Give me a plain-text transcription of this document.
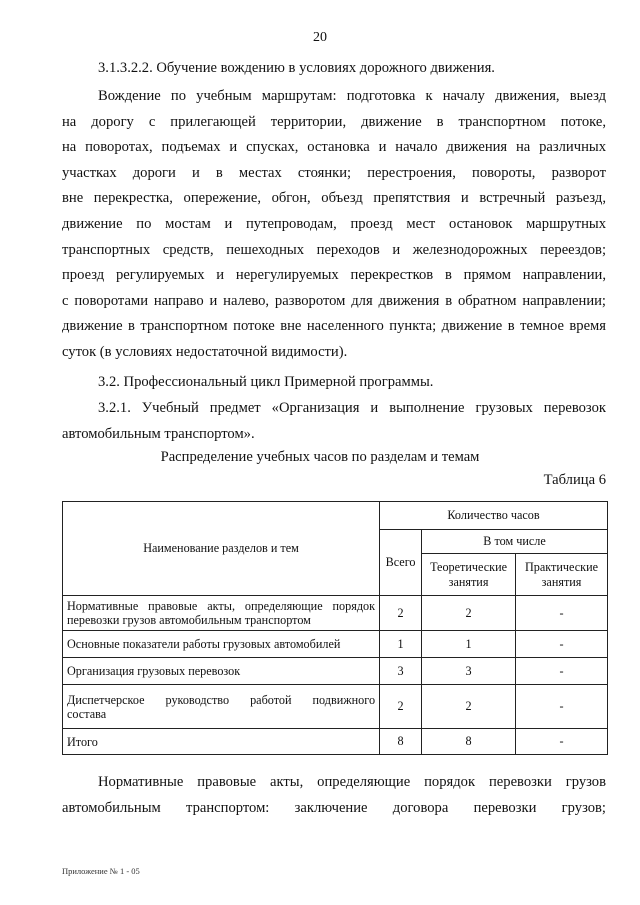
20

3.1.3.2.2. Обучение вождению в условиях дорожного движения.

Вождение по учебным маршрутам: подготовка к началу движения, выезд
на дорогу с прилегающей территории, движение в транспортном потоке,
на поворотах, подъемах и спусках, остановка и начало движения на различных
участках дороги и в местах стоянки; перестроения, повороты, разворот
вне перекрестка, опережение, обгон, объезд препятствия и встречный разъезд,
движение по мостам и путепроводам, проезд мест остановок маршрутных
транспортных средств, пешеходных переходов и железнодорожных переездов;
проезд регулируемых и нерегулируемых перекрестков в прямом направлении,
с поворотами направо и налево, разворотом для движения в обратном направлении;
движение в транспортном потоке вне населенного пункта; движение в темное время
суток (в условиях недостаточной видимости).

3.2. Профессиональный цикл Примерной программы.

3.2.1. Учебный предмет «Организация и выполнение грузовых перевозок
автомобильным транспортом».
Распределение учебных часов по разделам и темам
Таблица 6
Наименование разделов и тем	Количество часов		
	Всего	В том числе	
		Теоретические занятия	Практические занятия
Нормативные правовые акты, определяющие порядок
перевозки грузов автомобильным транспортом	2	2	-
Основные показатели работы грузовых автомобилей	1	1	-
Организация грузовых перевозок	3	3	-
Диспетчерское руководство работой подвижного
состава	2	2	-
Итого	8	8	-
Нормативные правовые акты, определяющие порядок перевозки грузов
автомобильным транспортом: заключение договора перевозки грузов;
Приложение № 1 - 05
